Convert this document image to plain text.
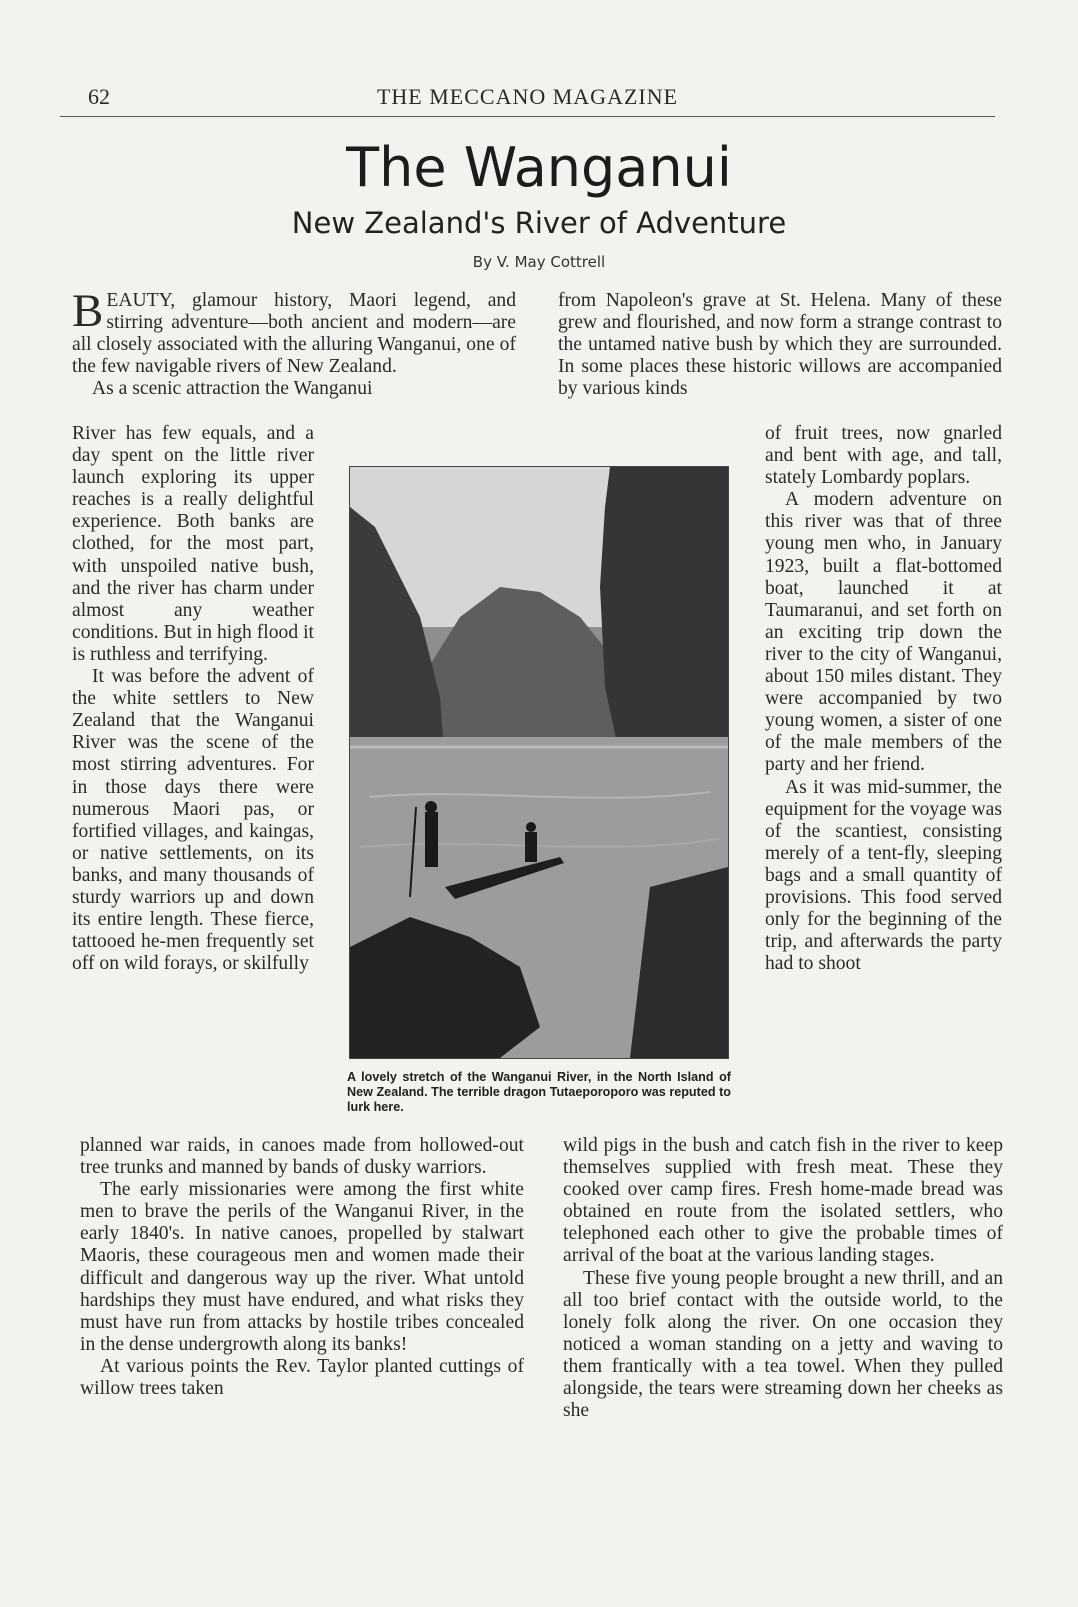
62	THE MECCANO MAGAZINE
The Wanganui
New Zealand's River of Adventure
By V. May Cottrell

BEAUTY, glamour history, Maori legend, and stirring adventure—both ancient and modern—are all closely associated with the alluring Wanganui, one of the few navigable rivers of New Zealand.

As a scenic attraction the Wanganui

River has few equals, and a day spent on the little river launch exploring its upper reaches is a really delightful experience. Both banks are clothed, for the most part, with unspoiled native bush, and the river has charm under almost any weather conditions. But in high flood it is ruthless and terrifying.

It was before the advent of the white settlers to New Zealand that the Wanganui River was the scene of the most stirring adventures. For in those days there were numerous Maori pas, or fortified villages, and kaingas, or native settlements, on its banks, and many thousands of sturdy warriors up and down its entire length. These fierce, tattooed he-men frequently set off on wild forays, or skilfully

planned war raids, in canoes made from hollowed-out tree trunks and manned by bands of dusky warriors.

The early missionaries were among the first white men to brave the perils of the Wanganui River, in the early 1840's. In native canoes, propelled by stalwart Maoris, these courageous men and women made their difficult and dangerous way up the river. What untold hardships they must have endured, and what risks they must have run from attacks by hostile tribes concealed in the dense undergrowth along its banks!

At various points the Rev. Taylor planted cuttings of willow trees taken

from Napoleon's grave at St. Helena. Many of these grew and flourished, and now form a strange contrast to the untamed native bush by which they are surrounded. In some places these historic willows are accompanied by various kinds

of fruit trees, now gnarled and bent with age, and tall, stately Lombardy poplars.

A modern adventure on this river was that of three young men who, in January 1923, built a flat-bottomed boat, launched it at Taumaranui, and set forth on an exciting trip down the river to the city of Wanganui, about 150 miles distant. They were accompanied by two young women, a sister of one of the male members of the party and her friend.

As it was mid-summer, the equipment for the voyage was of the scantiest, consisting merely of a tent-fly, sleeping bags and a small quantity of provisions. This food served only for the beginning of the trip, and afterwards the party had to shoot

wild pigs in the bush and catch fish in the river to keep themselves supplied with fresh meat. These they cooked over camp fires. Fresh home-made bread was obtained en route from the isolated settlers, who telephoned each other to give the probable times of arrival of the boat at the various landing stages.

These five young people brought a new thrill, and an all too brief contact with the outside world, to the lonely folk along the river. On one occasion they noticed a woman standing on a jetty and waving to them frantically with a tea towel. When they pulled alongside, the tears were streaming down her cheeks as she

A lovely stretch of the Wanganui River, in the North Island of New Zealand. The terrible dragon Tutaeporoporo was reputed to lurk here.
